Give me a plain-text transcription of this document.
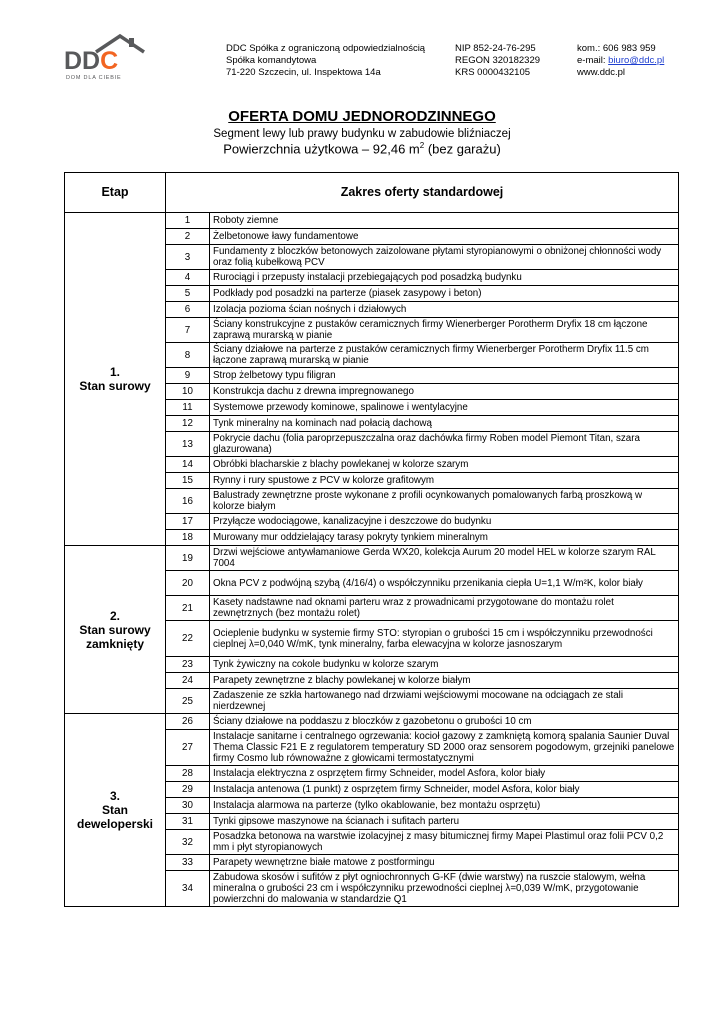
DDC
DOM DLA CIEBIE
DDC Spółka z ograniczoną odpowiedzialnością
Spółka komandytowa
71-220 Szczecin, ul. Inspektowa 14a
NIP 852-24-76-295
REGON 320182329
KRS 0000432105
kom.: 606 983 959
e-mail: biuro@ddc.pl
www.ddc.pl
OFERTA DOMU JEDNORODZINNEGO
Segment lewy lub prawy budynku w zabudowie bliźniaczej
Powierzchnia użytkowa – 92,46 $m^2$ (bez garażu)
Etap	Zakres oferty standardowej	

1.
Stan surowy	1	Roboty ziemne
	2	Żelbetonowe ławy fundamentowe
	3	Fundamenty z bloczków betonowych zaizolowane płytami styropianowymi o obniżonej chłonności wody oraz folią kubełkową PCV
	4	Rurociągi i przepusty instalacji przebiegających pod posadzką budynku
	5	Podkłady pod posadzki na parterze (piasek zasypowy i beton)
	6	Izolacja pozioma ścian nośnych i działowych
	7	Ściany konstrukcyjne z pustaków ceramicznych firmy Wienerberger Porotherm Dryfix 18 cm łączone zaprawą murarską w pianie
	8	Ściany działowe na parterze z pustaków ceramicznych firmy Wienerberger Porotherm Dryfix 11.5 cm łączone zaprawą murarską w pianie
	9	Strop żelbetowy typu filigran
	10	Konstrukcja dachu z drewna impregnowanego
	11	Systemowe przewody kominowe, spalinowe i wentylacyjne
	12	Tynk mineralny na kominach nad połacią dachową
	13	Pokrycie dachu (folia paroprzepuszczalna oraz dachówka firmy Roben model Piemont Titan, szara glazurowana)
	14	Obróbki blacharskie z blachy powlekanej w kolorze szarym
	15	Rynny i rury spustowe z PCV w kolorze grafitowym
	16	Balustrady zewnętrzne proste wykonane z profili ocynkowanych pomalowanych farbą proszkową w kolorze białym
	17	Przyłącze wodociągowe, kanalizacyjne i deszczowe do budynku
	18	Murowany mur oddzielający tarasy pokryty tynkiem mineralnym

2.
Stan surowy
zamknięty	19	Drzwi wejściowe antywłamaniowe Gerda WX20, kolekcja Aurum 20 model HEL w kolorze szarym RAL 7004
	20	Okna PCV z podwójną szybą (4/16/4) o współczynniku przenikania ciepła U=1,1 W/m²K, kolor biały
	21	Kasety nadstawne nad oknami parteru wraz z prowadnicami przygotowane do montażu rolet zewnętrznych (bez montażu rolet)
	22	Ocieplenie budynku w systemie firmy STO: styropian o grubości 15 cm i współczynniku przewodności cieplnej λ=0,040 W/mK, tynk mineralny, farba elewacyjna w kolorze jasnoszarym
	23	Tynk żywiczny na cokole budynku w kolorze szarym
	24	Parapety zewnętrzne z blachy powlekanej w kolorze białym
	25	Zadaszenie ze szkła hartowanego nad drzwiami wejściowymi mocowane na odciągach ze stali nierdzewnej

3.
Stan
deweloperski	26	Ściany działowe na poddaszu z bloczków z gazobetonu o grubości 10 cm
	27	Instalacje sanitarne i centralnego ogrzewania: kocioł gazowy z zamkniętą komorą spalania Saunier Duval Thema Classic F21 E z regulatorem temperatury SD 2000 oraz sensorem pogodowym, grzejniki panelowe firmy Cosmo lub równoważne z głowicami termostatycznymi
	28	Instalacja elektryczna z osprzętem firmy Schneider, model Asfora, kolor biały
	29	Instalacja antenowa (1 punkt) z osprzętem firmy Schneider, model Asfora, kolor biały
	30	Instalacja alarmowa na parterze (tylko okablowanie, bez montażu osprzętu)
	31	Tynki gipsowe maszynowe na ścianach i sufitach parteru
	32	Posadzka betonowa na warstwie izolacyjnej z masy bitumicznej firmy Mapei Plastimul oraz folii PCV 0,2 mm i płyt styropianowych
	33	Parapety wewnętrzne białe matowe z postformingu
	34	Zabudowa skosów i sufitów z płyt ogniochronnych G-KF (dwie warstwy) na ruszcie stalowym, wełna mineralna o grubości 23 cm i współczynniku przewodności cieplnej λ=0,039 W/mK, przygotowanie powierzchni do malowania w standardzie Q1
